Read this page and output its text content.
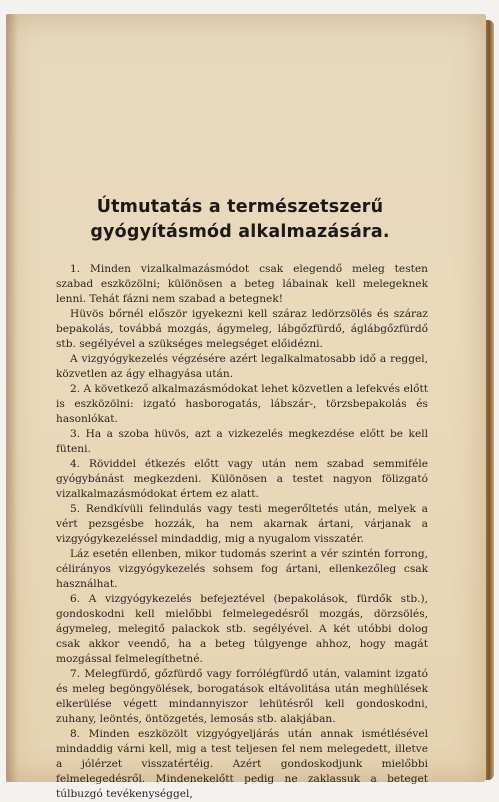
Útmutatás a természetszerű gyógyításmód alkalmazására.

1. Minden vizalkalmazásmódot csak elegendő meleg testen szabad eszközölni; különösen a beteg lábainak kell melegeknek lenni. Tehát fázni nem szabad a betegnek!

Hüvös bőrnél először igyekezni kell száraz ledörzsölés és száraz bepakolás, továbbá mozgás, ágymeleg, lábgőzfürdő, áglábgőzfürdő stb. segélyével a szükséges melegséget előidézni.

A vizgyógykezelés végzésére azért legalkalmatosabb idő a reggel, közvetlen az ágy elhagyása után.

2. A következő alkalmazásmódokat lehet közvetlen a lefekvés előtt is eszközölni: izgató hasborogatás, lábszár-, törzsbepakolás és hasonlókat.

3. Ha a szoba hüvös, azt a vizkezelés megkezdése előtt be kell füteni.

4. Röviddel étkezés előtt vagy után nem szabad semmiféle gyógybánást megkezdeni. Különösen a testet nagyon fölizgató vizalkalmazásmódokat értem ez alatt.

5. Rendkívüli felindulás vagy testi megerőltetés után, melyek a vért pezsgésbe hozzák, ha nem akarnak ártani, várjanak a vizgyógykezeléssel mindaddig, mig a nyugalom visszatér.

Láz esetén ellenben, mikor tudomás szerint a vér szintén forrong, célirányos vizgyógykezelés sohsem fog ártani, ellenkezőleg csak használhat.

6. A vizgyógykezelés befejeztével (bepakolások, fürdők stb.), gondoskodni kell mielőbbi felmelegedésről mozgás, dörzsölés, ágymeleg, melegitő palackok stb. segélyével. A két utóbbi dolog csak akkor veendő, ha a beteg túlgyenge ahhoz, hogy magát mozgással felmelegíthetné.

7. Melegfürdő, gőzfürdő vagy forrólégfürdő után, valamint izgató és meleg begöngyölések, borogatások eltávolitása után meghülések elkerülése végett mindannyiszor lehütésről kell gondoskodni, zuhany, leöntés, öntözgetés, lemosás stb. alakjában.

8. Minden eszközölt vizgyógyeljárás után annak ismétlésével mindaddig várni kell, mig a test teljesen fel nem melegedett, illetve a jólérzet visszatértéig. Azért gondoskodjunk mielőbbi felmelegedésről. Mindenekelőtt pedig ne zaklassuk a beteget túlbuzgó tevékenységgel,
